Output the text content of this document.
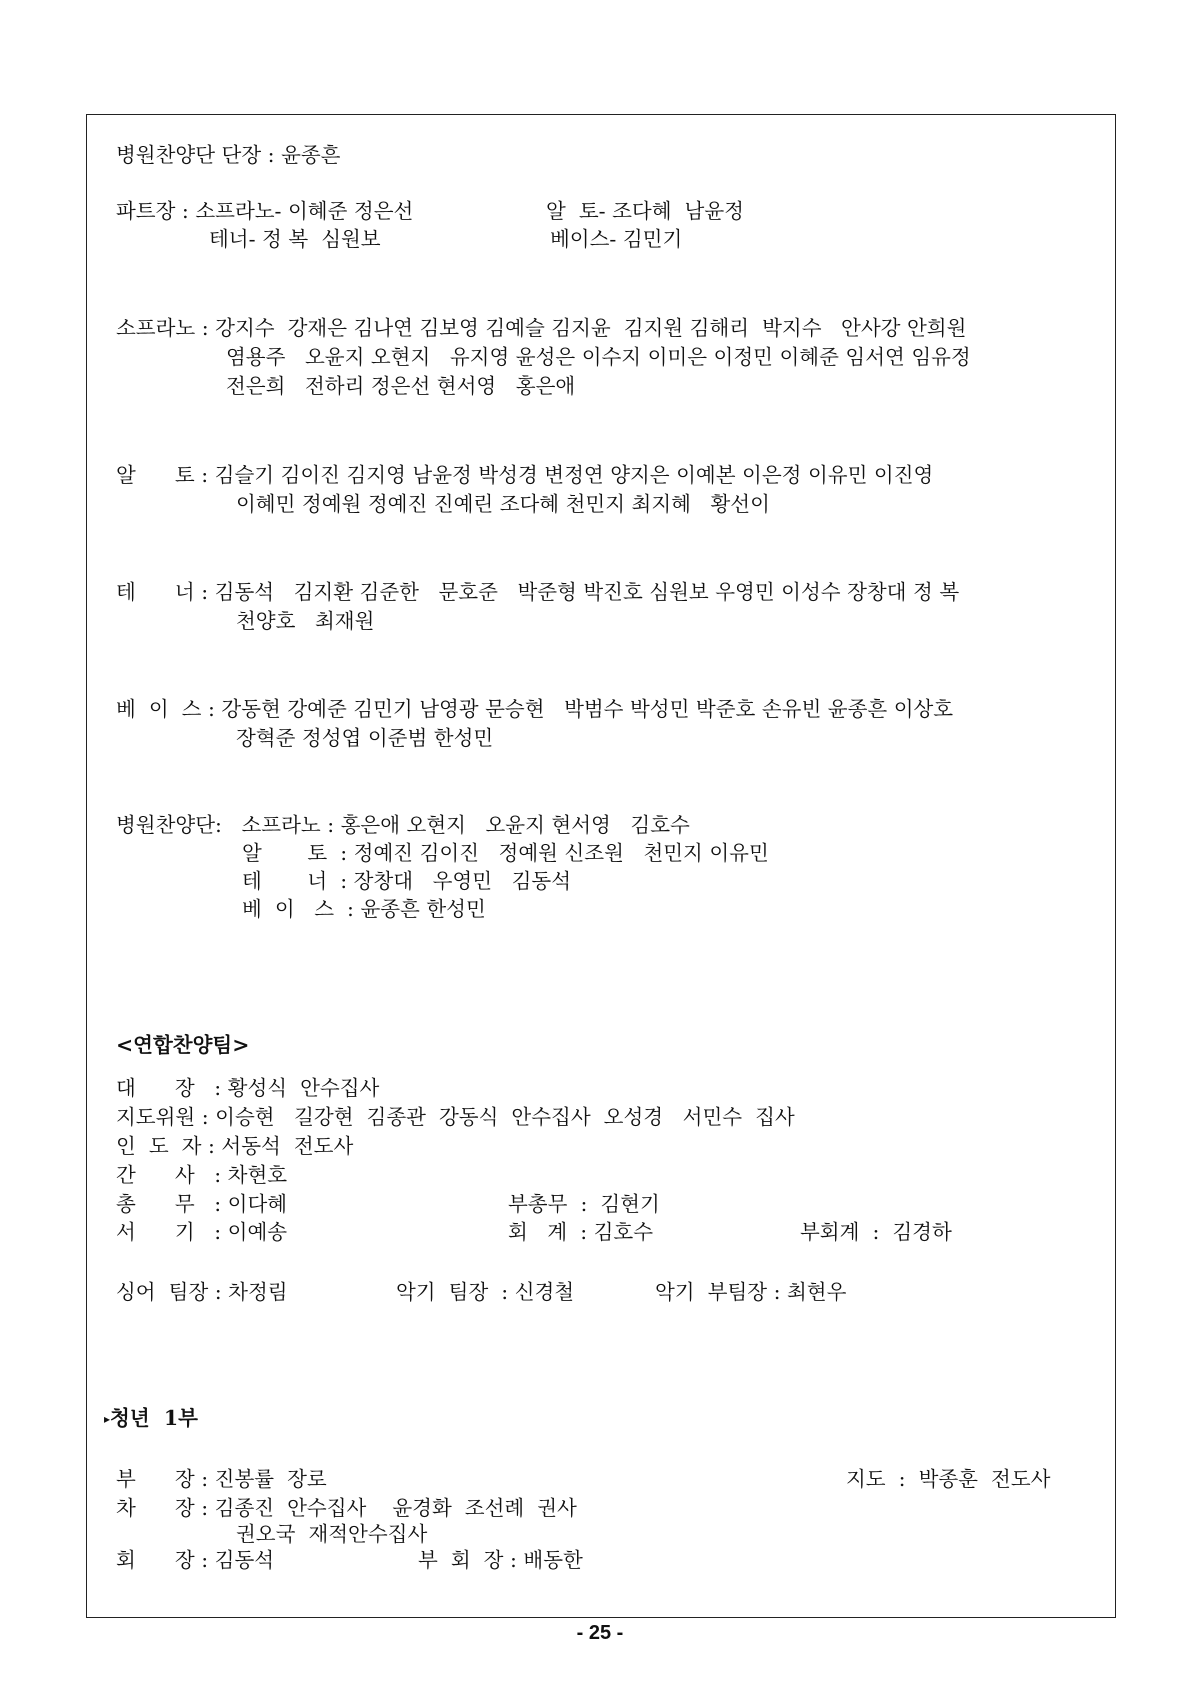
병원찬양단 단장 : 윤종흔
파트장 : 소프라노- 이혜준 정은선	알  토- 조다혜  남윤정
테너- 정 복  심원보	베이스- 김민기
소프라노 : 강지수  강재은 김나연 김보영 김예슬 김지윤  김지원 김해리  박지수   안사강 안희원
염용주   오윤지 오현지   유지영 윤성은 이수지 이미은 이정민 이혜준 임서연 임유정
전은희   전하리 정은선 현서영   홍은애
알      토 : 김슬기 김이진 김지영 남윤정 박성경 변정연 양지은 이예본 이은정 이유민 이진영
이혜민 정예원 정예진 진예린 조다혜 천민지 최지혜   황선이
테      너 : 김동석   김지환 김준한   문호준   박준형 박진호 심원보 우영민 이성수 장창대 정 복
천양호   최재원
베  이  스 : 강동현 강예준 김민기 남영광 문승현   박범수 박성민 박준호 손유빈 윤종흔 이상호
장혁준 정성엽 이준범 한성민
병원찬양단:   소프라노 : 홍은애 오현지   오윤지 현서영   김호수
알       토  : 정예진 김이진   정예원 신조원   천민지 이유민
테       너  : 장창대   우영민   김동석
베  이   스  : 윤종흔 한성민
<연합찬양팀>
대      장   : 황성식  안수집사
지도위원 : 이승현   길강현  김종관  강동식  안수집사  오성경   서민수  집사
인  도  자 : 서동석  전도사
간      사   : 차현호
총      무   : 이다혜	부총무  :  김현기
서      기   : 이예송	회   계  : 김호수	부회계  :  김경하
싱어  팀장 : 차정림	악기  팀장  : 신경철	악기  부팀장 : 최현우
▸청년  1부
부      장 : 진봉률  장로	지도  :  박종훈  전도사
차      장 : 김종진  안수집사    윤경화  조선례  권사
권오국  재적안수집사
회      장 : 김동석	부  회  장 : 배동한
- 25 -
